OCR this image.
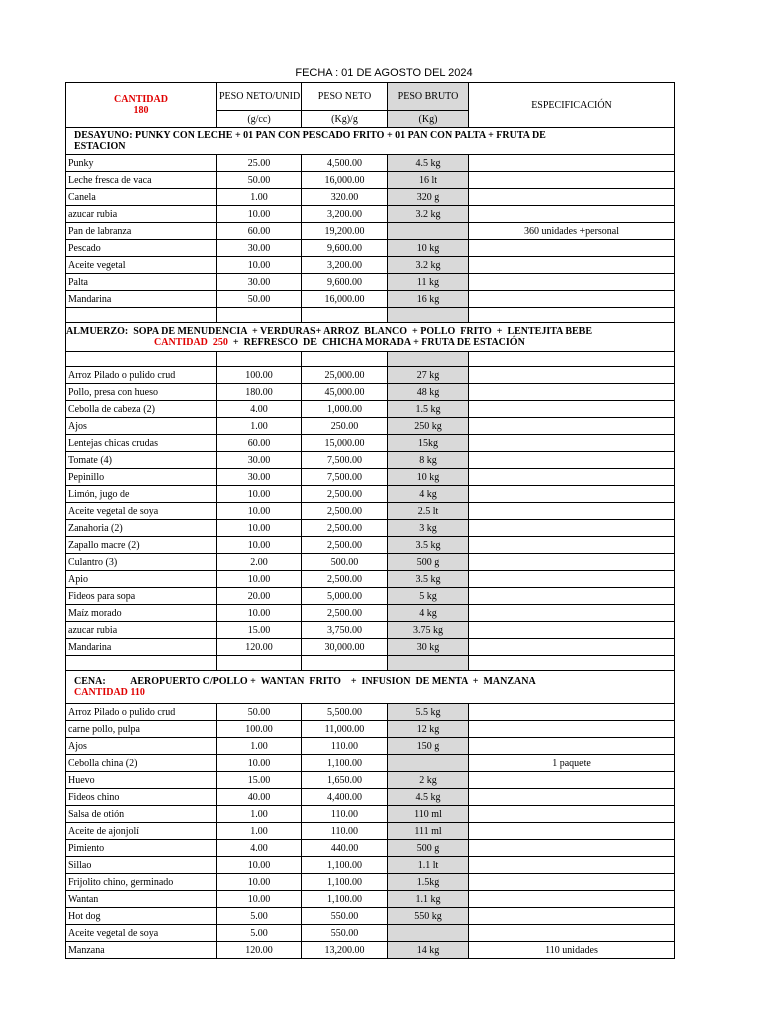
FECHA : 01 DE AGOSTO DEL 2024
CANTIDAD
180	PESO NETO/UNID	PESO NETO	PESO BRUTO	ESPECIFICACIÓN
	(g/cc)	(Kg)/g	(Kg)	

DESAYUNO: PUNKY CON LECHE + 01 PAN CON PESCADO FRITO + 01 PAN CON PALTA + FRUTA DE
ESTACION				

Punky	25.00	4,500.00	4.5 kg	
Leche fresca de vaca	50.00	16,000.00	16 lt	
Canela	1.00	320.00	320 g	
azucar rubia	10.00	3,200.00	3.2 kg	
Pan de labranza	60.00	19,200.00		360 unidades +personal
Pescado	30.00	9,600.00	10 kg	
Aceite vegetal	10.00	3,200.00	3.2 kg	
Palta	30.00	9,600.00	11 kg	
Mandarina	50.00	16,000.00	16 kg	

ALMUERZO:  SOPA DE MENUDENCIA  + VERDURAS+ ARROZ  BLANCO  + POLLO  FRITO  +  LENTEJITA BEBE
CANTIDAD  250  +  REFRESCO  DE  CHICHA MORADA + FRUTA DE ESTACIÓN				

Arroz Pilado o pulido crud	100.00	25,000.00	27 kg	
Pollo, presa con hueso	180.00	45,000.00	48 kg	
Cebolla de cabeza (2)	4.00	1,000.00	1.5 kg	
Ajos	1.00	250.00	250 kg	
Lentejas chicas crudas	60.00	15,000.00	15kg	
Tomate (4)	30.00	7,500.00	8 kg	
Pepinillo	30.00	7,500.00	10 kg	
Limón, jugo de	10.00	2,500.00	4 kg	
Aceite vegetal de soya	10.00	2,500.00	2.5 lt	
Zanahoria (2)	10.00	2,500.00	3 kg	
Zapallo macre (2)	10.00	2,500.00	3.5 kg	
Culantro (3)	2.00	500.00	500 g	
Apio	10.00	2,500.00	3.5 kg	
Fideos para sopa	20.00	5,000.00	5 kg	
Maíz morado	10.00	2,500.00	4 kg	
azucar rubia	15.00	3,750.00	3.75 kg	
Mandarina	120.00	30,000.00	30 kg	

CENA:          AEROPUERTO C/POLLO +  WANTAN  FRITO    +  INFUSION  DE MENTA  +  MANZANA
CANTIDAD 110				

Arroz Pilado o pulido crud	50.00	5,500.00	5.5 kg	
carne pollo, pulpa	100.00	11,000.00	12 kg	
Ajos	1.00	110.00	150 g	
Cebolla china (2)	10.00	1,100.00		1 paquete
Huevo	15.00	1,650.00	2 kg	
Fideos chino	40.00	4,400.00	4.5 kg	
Salsa de otión	1.00	110.00	110 ml	
Aceite de ajonjolí	1.00	110.00	111 ml	
Pimiento	4.00	440.00	500 g	
Sillao	10.00	1,100.00	1.1 lt	
Frijolito chino, germinado	10.00	1,100.00	1.5kg	
Wantan	10.00	1,100.00	1.1 kg	
Hot dog	5.00	550.00	550 kg	
Aceite vegetal de soya	5.00	550.00		
Manzana	120.00	13,200.00	14 kg	110 unidades
